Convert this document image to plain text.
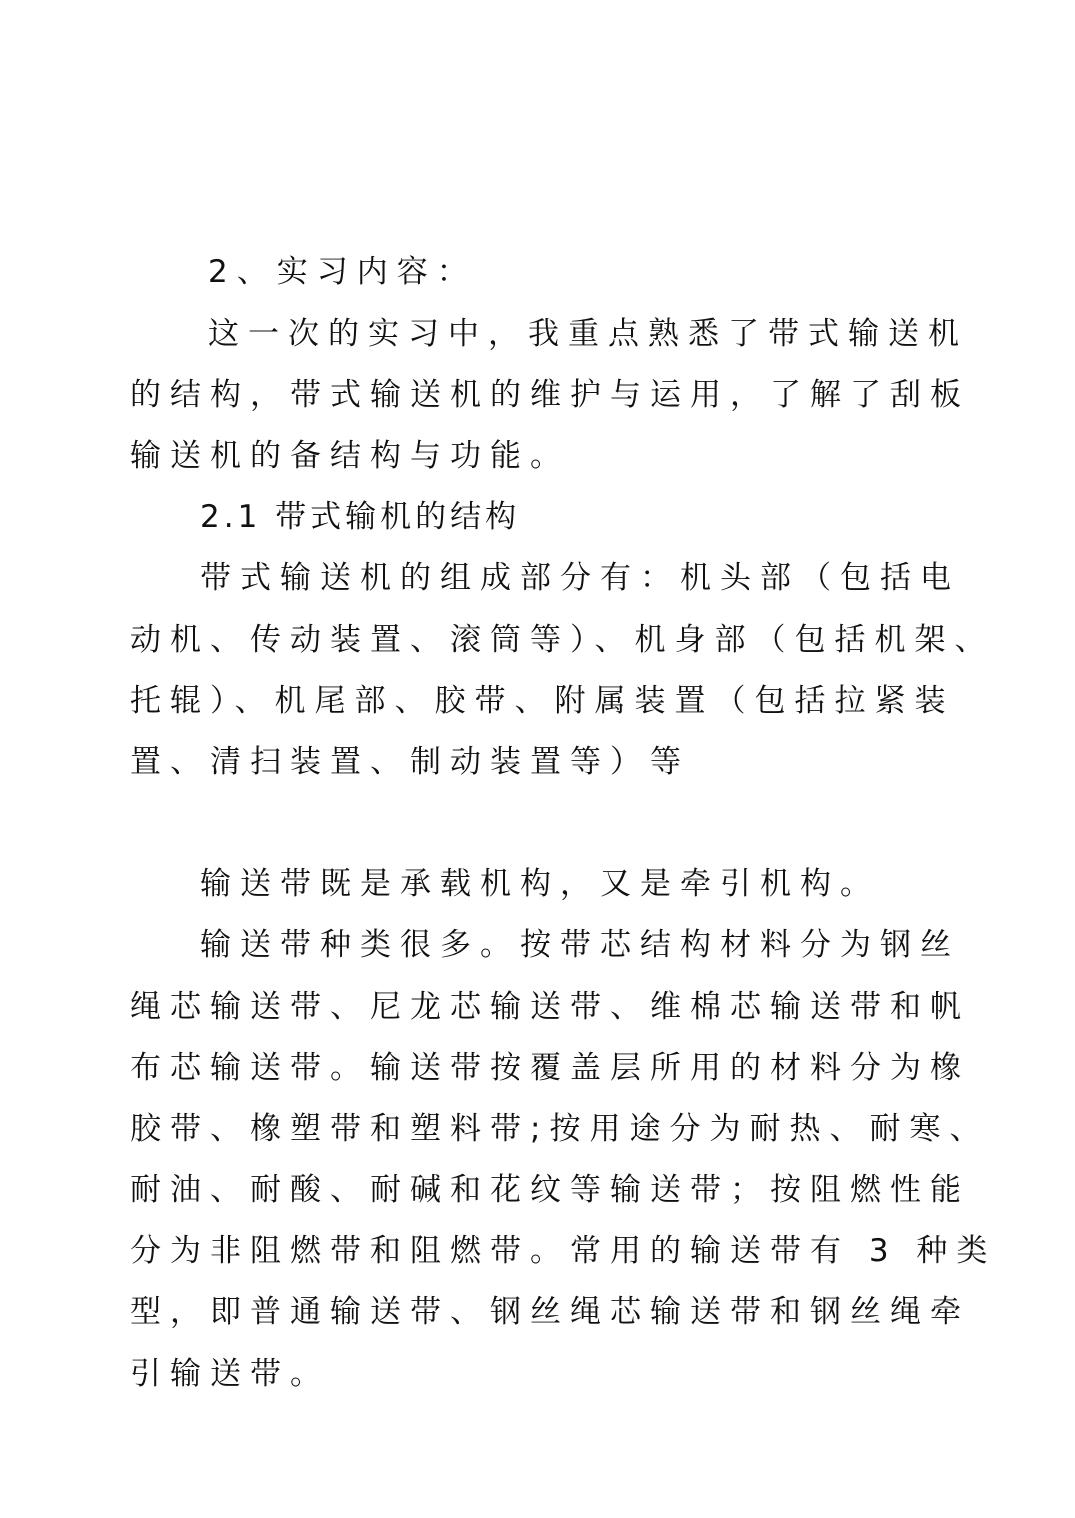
2、实习内容：
这一次的实习中，我重点熟悉了带式输送机
的结构，带式输送机的维护与运用，了解了刮板
输送机的备结构与功能。
2.1 带式输机的结构
带式输送机的组成部分有：机头部（包括电
动机、传动装置、滚筒等）、机身部（包括机架、
托辊）、机尾部、胶带、附属装置（包括拉紧装
置、清扫装置、制动装置等）等
输送带既是承载机构，又是牵引机构。
输送带种类很多。按带芯结构材料分为钢丝
绳芯输送带、尼龙芯输送带、维棉芯输送带和帆
布芯输送带。输送带按覆盖层所用的材料分为橡
胶带、橡塑带和塑料带;按用途分为耐热、耐寒、
耐油、耐酸、耐碱和花纹等输送带；按阻燃性能
分为非阻燃带和阻燃带。常用的输送带有 3 种类
型，即普通输送带、钢丝绳芯输送带和钢丝绳牵
引输送带。
